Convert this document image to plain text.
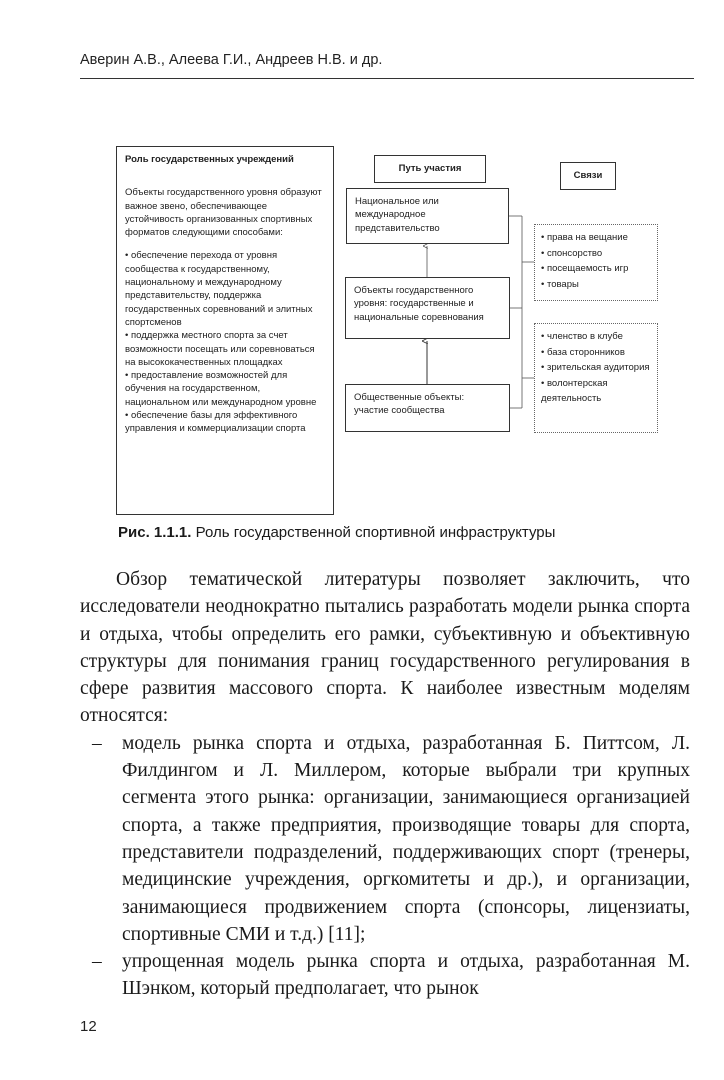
Аверин А.В., Алеева Г.И., Андреев Н.В. и др.

Роль государственных учреждений

Объекты государственного уровня образуют важное звено, обеспечивающее устойчивость организованных спортивных форматов следующими способами:

• обеспечение перехода от уровня сообщества к государственному, национальному и международному представительству, поддержка государственных соревнований и элитных спортсменов
• поддержка местного спорта за счет возможности посещать или соревноваться на высококачественных площадках
• предоставление возможностей для обучения на государственном, национальном или международном уровне
• обеспечение базы для эффективного управления и коммерциализации спорта
Путь участия
Связи
Национальное или международное представительство
Объекты государственного уровня: государственные и национальные соревнования
Общественные объекты: участие сообщества
• права на вещание
• спонсорство
• посещаемость игр
• товары
• членство в клубе
• база сторонников
• зрительская аудитория
• волонтерская деятельность
Рис. 1.1.1. Роль государственной спортивной инфраструктуры

Обзор тематической литературы позволяет заключить, что исследователи неоднократно пытались разработать модели рынка спорта и отдыха, чтобы определить его рамки, субъективную и объективную структуры для понимания границ государственного регулирования в сфере развития массового спорта. К наиболее известным моделям относятся:

–	модель рынка спорта и отдыха, разработанная Б. Питтсом, Л. Филдингом и Л. Миллером, которые выбрали три крупных сегмента этого рынка: организации, занимающиеся организацией спорта, а также предприятия, производящие товары для спорта, представители подразделений, поддерживающих спорт (тренеры, медицинские учреждения, оргкомитеты и др.), и организации, занимающиеся продвижением спорта (спонсоры, лицензиаты, спортивные СМИ и т.д.) [11];
–	упрощенная модель рынка спорта и отдыха, разработанная М. Шэнком, который предполагает, что рынок
12
